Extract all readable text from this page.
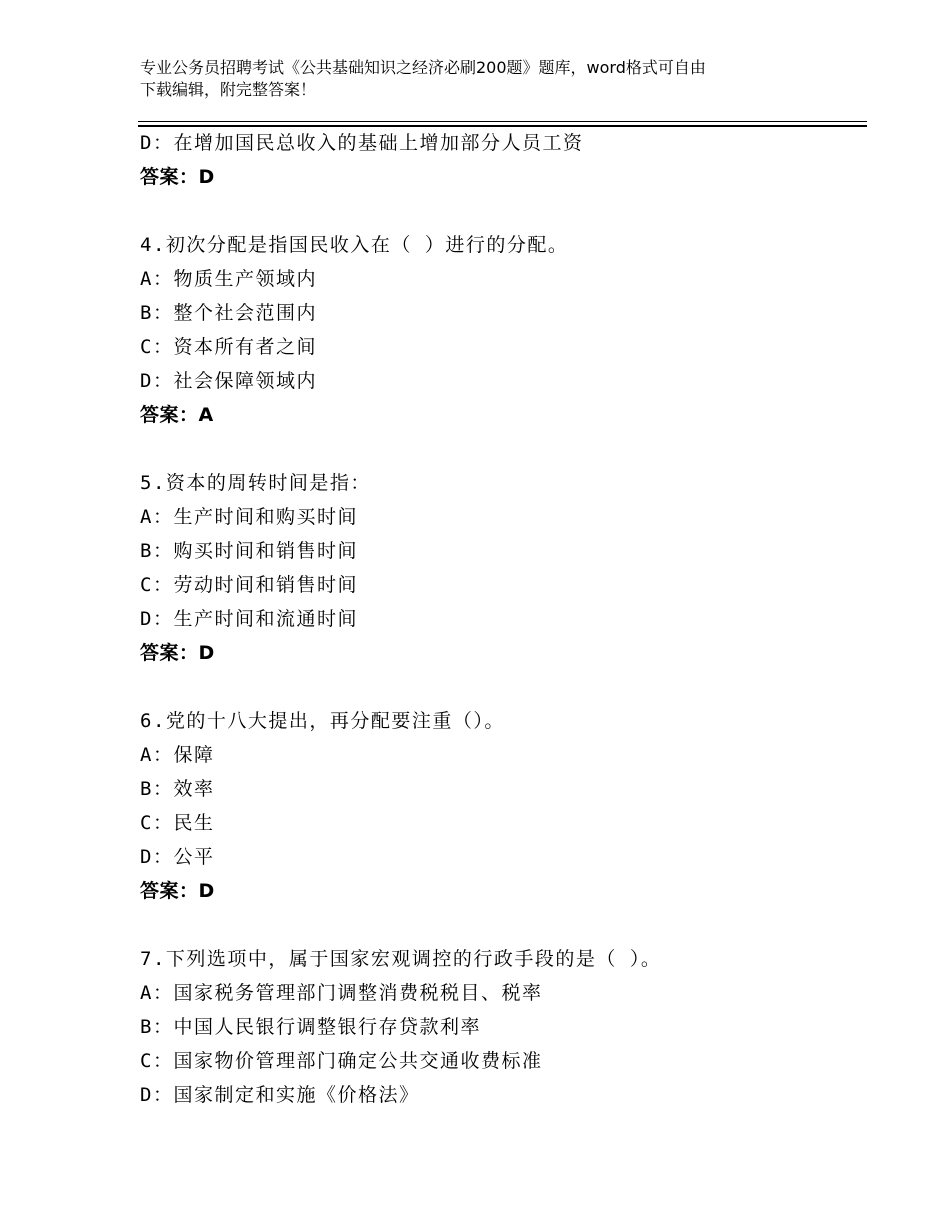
专业公务员招聘考试《公共基础知识之经济必刷200题》题库，word格式可自由
下载编辑，附完整答案！
D：在增加国民总收入的基础上增加部分人员工资
答案：D
4.初次分配是指国民收入在（ ）进行的分配。
A：物质生产领域内
B：整个社会范围内
C：资本所有者之间
D：社会保障领域内
答案：A
5.资本的周转时间是指：
A：生产时间和购买时间
B：购买时间和销售时间
C：劳动时间和销售时间
D：生产时间和流通时间
答案：D
6.党的十八大提出，再分配要注重（）。
A：保障
B：效率
C：民生
D：公平
答案：D
7.下列选项中，属于国家宏观调控的行政手段的是（ ）。
A：国家税务管理部门调整消费税税目、税率
B：中国人民银行调整银行存贷款利率
C：国家物价管理部门确定公共交通收费标准
D：国家制定和实施《价格法》
